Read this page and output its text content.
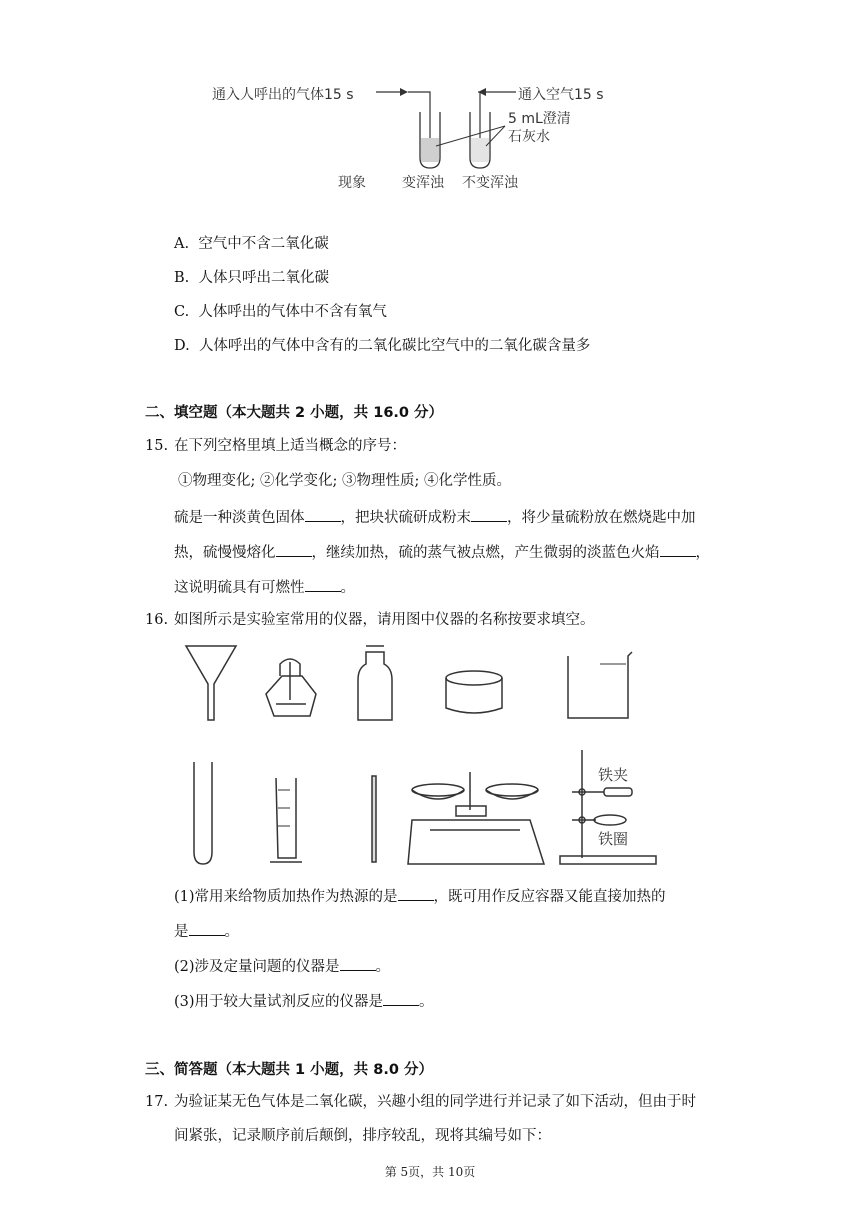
通入人呼出的气体15 s	通入空气15 s
5 mL澄清
石灰水
现象	变浑浊 不变浑浊
A. 空气中不含二氧化碳
B. 人体只呼出二氧化碳
C. 人体呼出的气体中不含有氧气
D. 人体呼出的气体中含有的二氧化碳比空气中的二氧化碳含量多
二、填空题（本大题共 2 小题，共 16.0 分）
15. 在下列空格里填上适当概念的序号：
①物理变化; ②化学变化; ③物理性质; ④化学性质。
硫是一种淡黄色固体 ，把块状硫研成粉末 ，将少量硫粉放在燃烧匙中加
热，硫慢慢熔化 ，继续加热，硫的蒸气被点燃，产生微弱的淡蓝色火焰 ，
这说明硫具有可燃性 。
16. 如图所示是实验室常用的仪器，请用图中仪器的名称按要求填空。
铁夹
铁圈
(1)常用来给物质加热作为热源的是 ，既可用作反应容器又能直接加热的
是 。
(2)涉及定量问题的仪器是 。
(3)用于较大量试剂反应的仪器是 。
三、简答题（本大题共 1 小题，共 8.0 分）
17. 为验证某无色气体是二氧化碳，兴趣小组的同学进行并记录了如下活动，但由于时
间紧张，记录顺序前后颠倒，排序较乱，现将其编号如下：
第 5页，共 10页
